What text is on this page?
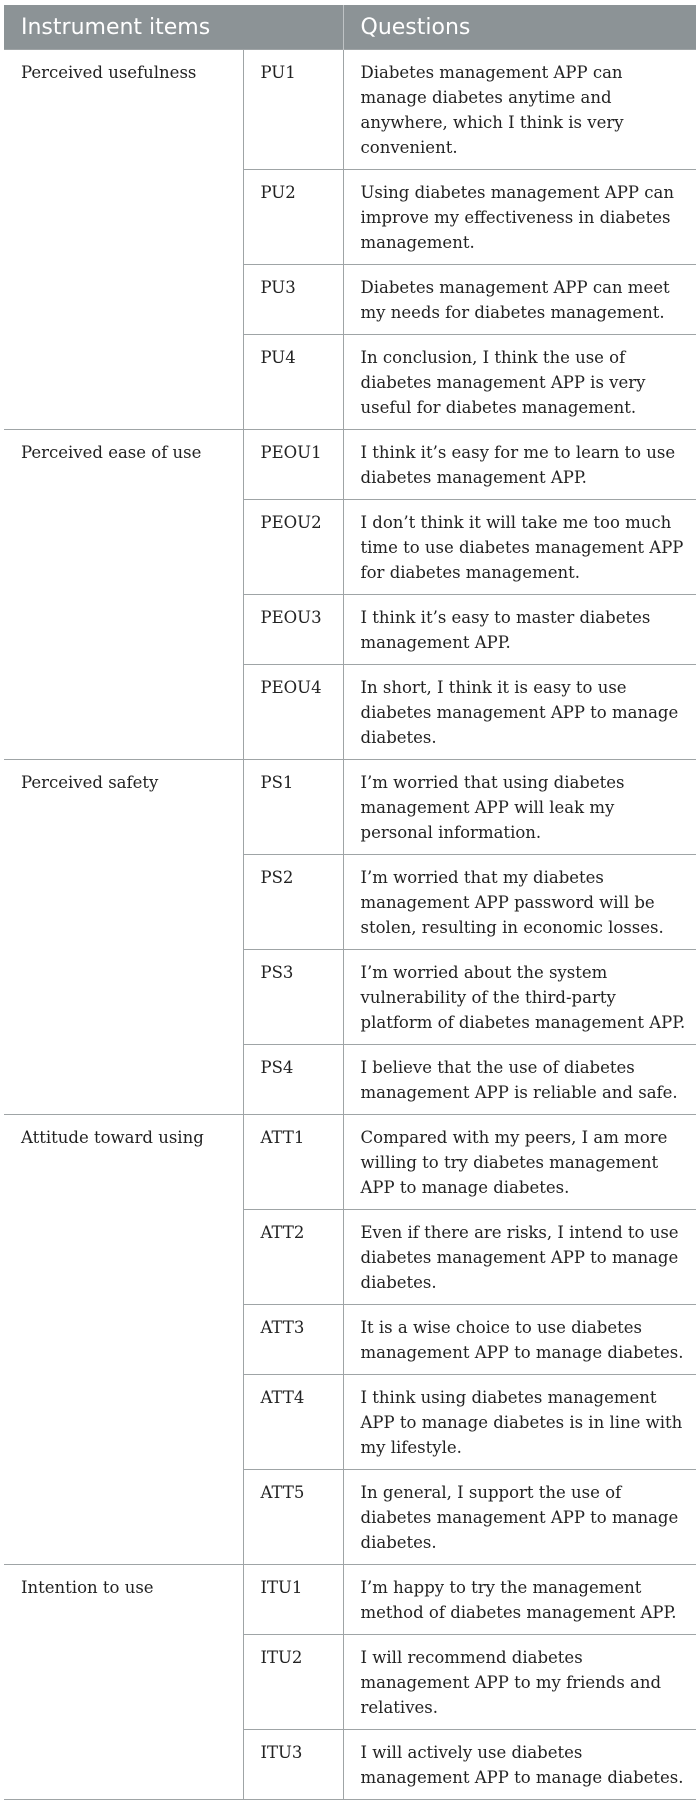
Instrument items		Questions
Perceived usefulness	PU1	Diabetes management APP can manage diabetes anytime and anywhere, which I think is very convenient.
	PU2	Using diabetes management APP can improve my effectiveness in diabetes management.
	PU3	Diabetes management APP can meet my needs for diabetes management.
	PU4	In conclusion, I think the use of diabetes management APP is very useful for diabetes management.
Perceived ease of use	PEOU1	I think it’s easy for me to learn to use diabetes management APP.
	PEOU2	I don’t think it will take me too much time to use diabetes management APP for diabetes management.
	PEOU3	I think it’s easy to master diabetes management APP.
	PEOU4	In short, I think it is easy to use diabetes management APP to manage diabetes.
Perceived safety	PS1	I’m worried that using diabetes management APP will leak my personal information.
	PS2	I’m worried that my diabetes management APP password will be stolen, resulting in economic losses.
	PS3	I’m worried about the system vulnerability of the third-party platform of diabetes management APP.
	PS4	I believe that the use of diabetes management APP is reliable and safe.
Attitude toward using	ATT1	Compared with my peers, I am more willing to try diabetes management APP to manage diabetes.
	ATT2	Even if there are risks, I intend to use diabetes management APP to manage diabetes.
	ATT3	It is a wise choice to use diabetes management APP to manage diabetes.
	ATT4	I think using diabetes management APP to manage diabetes is in line with my lifestyle.
	ATT5	In general, I support the use of diabetes management APP to manage diabetes.
Intention to use	ITU1	I’m happy to try the management method of diabetes management APP.
	ITU2	I will recommend diabetes management APP to my friends and relatives.
	ITU3	I will actively use diabetes management APP to manage diabetes.
